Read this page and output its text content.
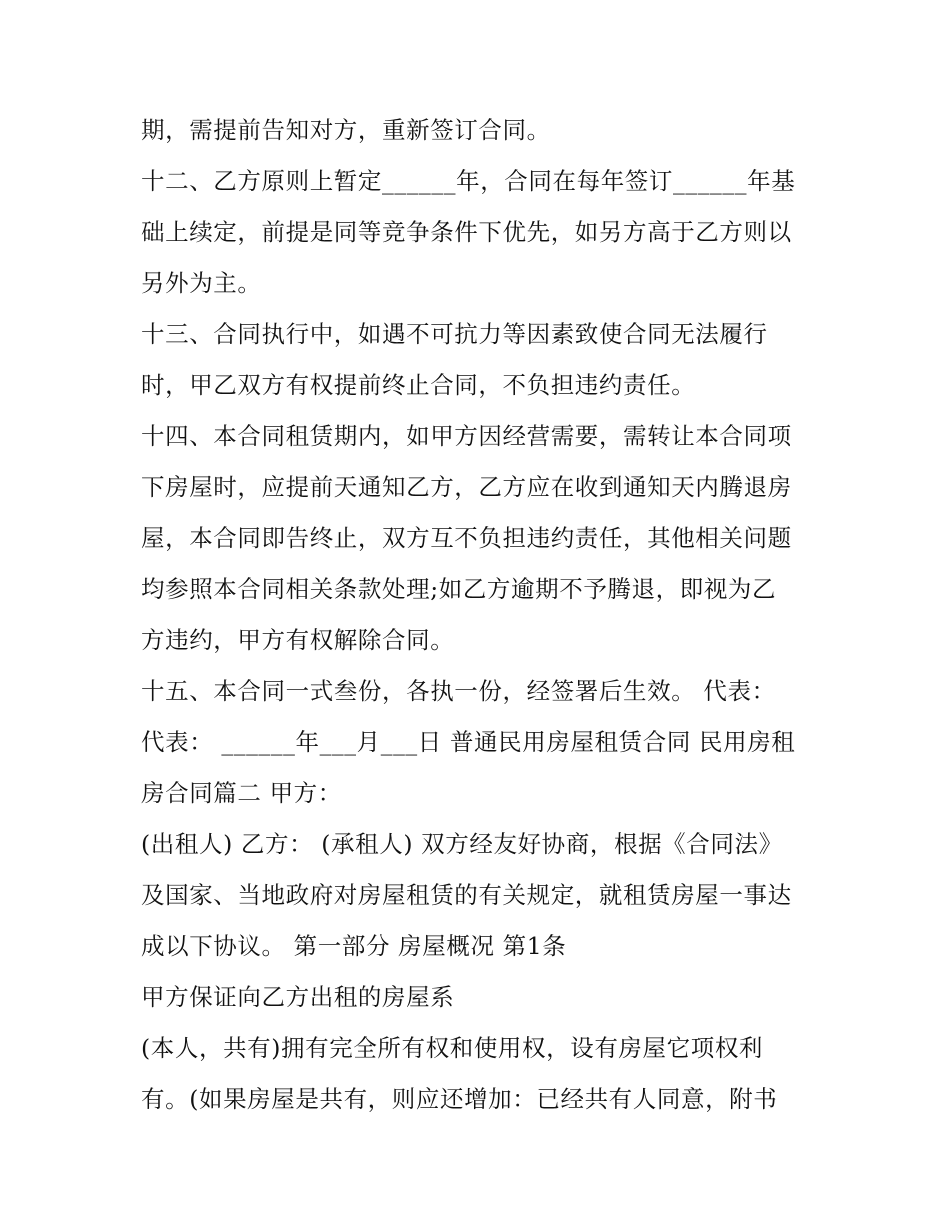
期，需提前告知对方，重新签订合同。
十二、乙方原则上暂定______年，合同在每年签订______年基
础上续定，前提是同等竞争条件下优先，如另方高于乙方则以
另外为主。
十三、合同执行中，如遇不可抗力等因素致使合同无法履行
时，甲乙双方有权提前终止合同，不负担违约责任。
十四、本合同租赁期内，如甲方因经营需要，需转让本合同项
下房屋时，应提前天通知乙方，乙方应在收到通知天内腾退房
屋，本合同即告终止，双方互不负担违约责任，其他相关问题
均参照本合同相关条款处理;如乙方逾期不予腾退，即视为乙
方违约，甲方有权解除合同。
十五、本合同一式叁份，各执一份，经签署后生效。 代表：
代表： ______年___月___日 普通民用房屋租赁合同 民用房租
房合同篇二 甲方：
(出租人) 乙方： (承租人) 双方经友好协商，根据《合同法》
及国家、当地政府对房屋租赁的有关规定，就租赁房屋一事达
成以下协议。 第一部分 房屋概况 第1条
甲方保证向乙方出租的房屋系
(本人，共有)拥有完全所有权和使用权，设有房屋它项权利
有。(如果房屋是共有，则应还增加：已经共有人同意，附书
